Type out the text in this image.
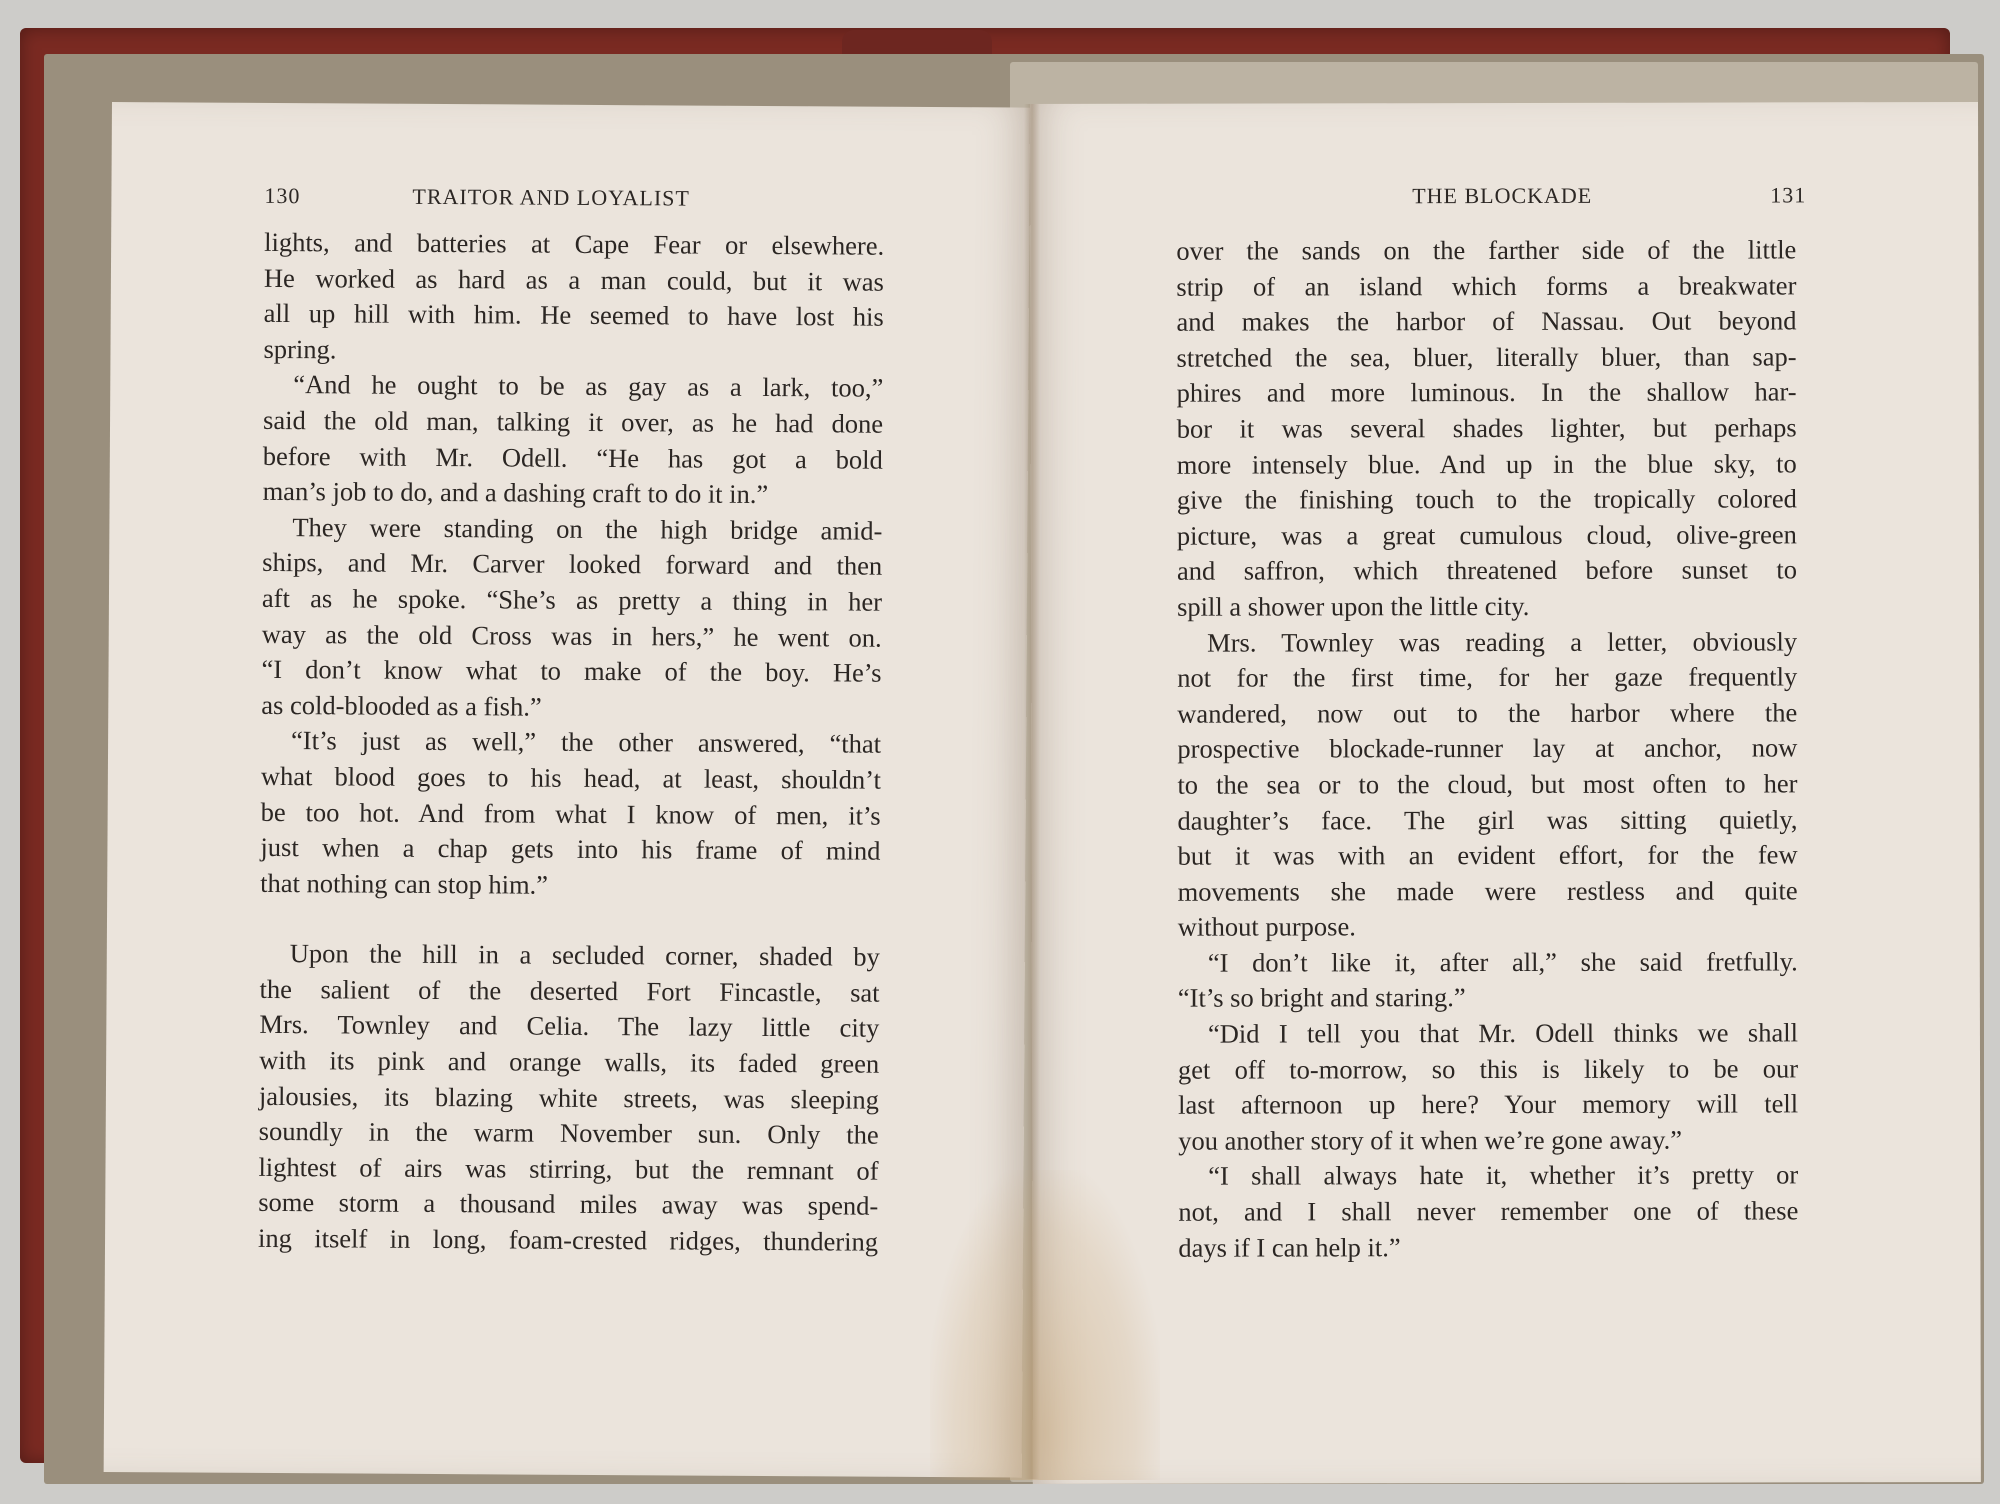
130	TRAITOR AND LOYALIST
lights, and batteries at Cape Fear or elsewhere.
He worked as hard as a man could, but it was
all up hill with him. He seemed to have lost his
spring.
“And he ought to be as gay as a lark, too,”
said the old man, talking it over, as he had done
before with Mr. Odell. “He has got a bold
man’s job to do, and a dashing craft to do it in.”
They were standing on the high bridge amid-
ships, and Mr. Carver looked forward and then
aft as he spoke. “She’s as pretty a thing in her
way as the old Cross was in hers,” he went on.
“I don’t know what to make of the boy. He’s
as cold-blooded as a fish.”
“It’s just as well,” the other answered, “that
what blood goes to his head, at least, shouldn’t
be too hot. And from what I know of men, it’s
just when a chap gets into his frame of mind
that nothing can stop him.”
Upon the hill in a secluded corner, shaded by
the salient of the deserted Fort Fincastle, sat
Mrs. Townley and Celia. The lazy little city
with its pink and orange walls, its faded green
jalousies, its blazing white streets, was sleeping
soundly in the warm November sun. Only the
lightest of airs was stirring, but the remnant of
some storm a thousand miles away was spend-
ing itself in long, foam-crested ridges, thundering
THE BLOCKADE	131
over the sands on the farther side of the little
strip of an island which forms a breakwater
and makes the harbor of Nassau. Out beyond
stretched the sea, bluer, literally bluer, than sap-
phires and more luminous. In the shallow har-
bor it was several shades lighter, but perhaps
more intensely blue. And up in the blue sky, to
give the finishing touch to the tropically colored
picture, was a great cumulous cloud, olive-green
and saffron, which threatened before sunset to
spill a shower upon the little city.
Mrs. Townley was reading a letter, obviously
not for the first time, for her gaze frequently
wandered, now out to the harbor where the
prospective blockade-runner lay at anchor, now
to the sea or to the cloud, but most often to her
daughter’s face. The girl was sitting quietly,
but it was with an evident effort, for the few
movements she made were restless and quite
without purpose.
“I don’t like it, after all,” she said fretfully.
“It’s so bright and staring.”
“Did I tell you that Mr. Odell thinks we shall
get off to-morrow, so this is likely to be our
last afternoon up here? Your memory will tell
you another story of it when we’re gone away.”
“I shall always hate it, whether it’s pretty or
not, and I shall never remember one of these
days if I can help it.”
